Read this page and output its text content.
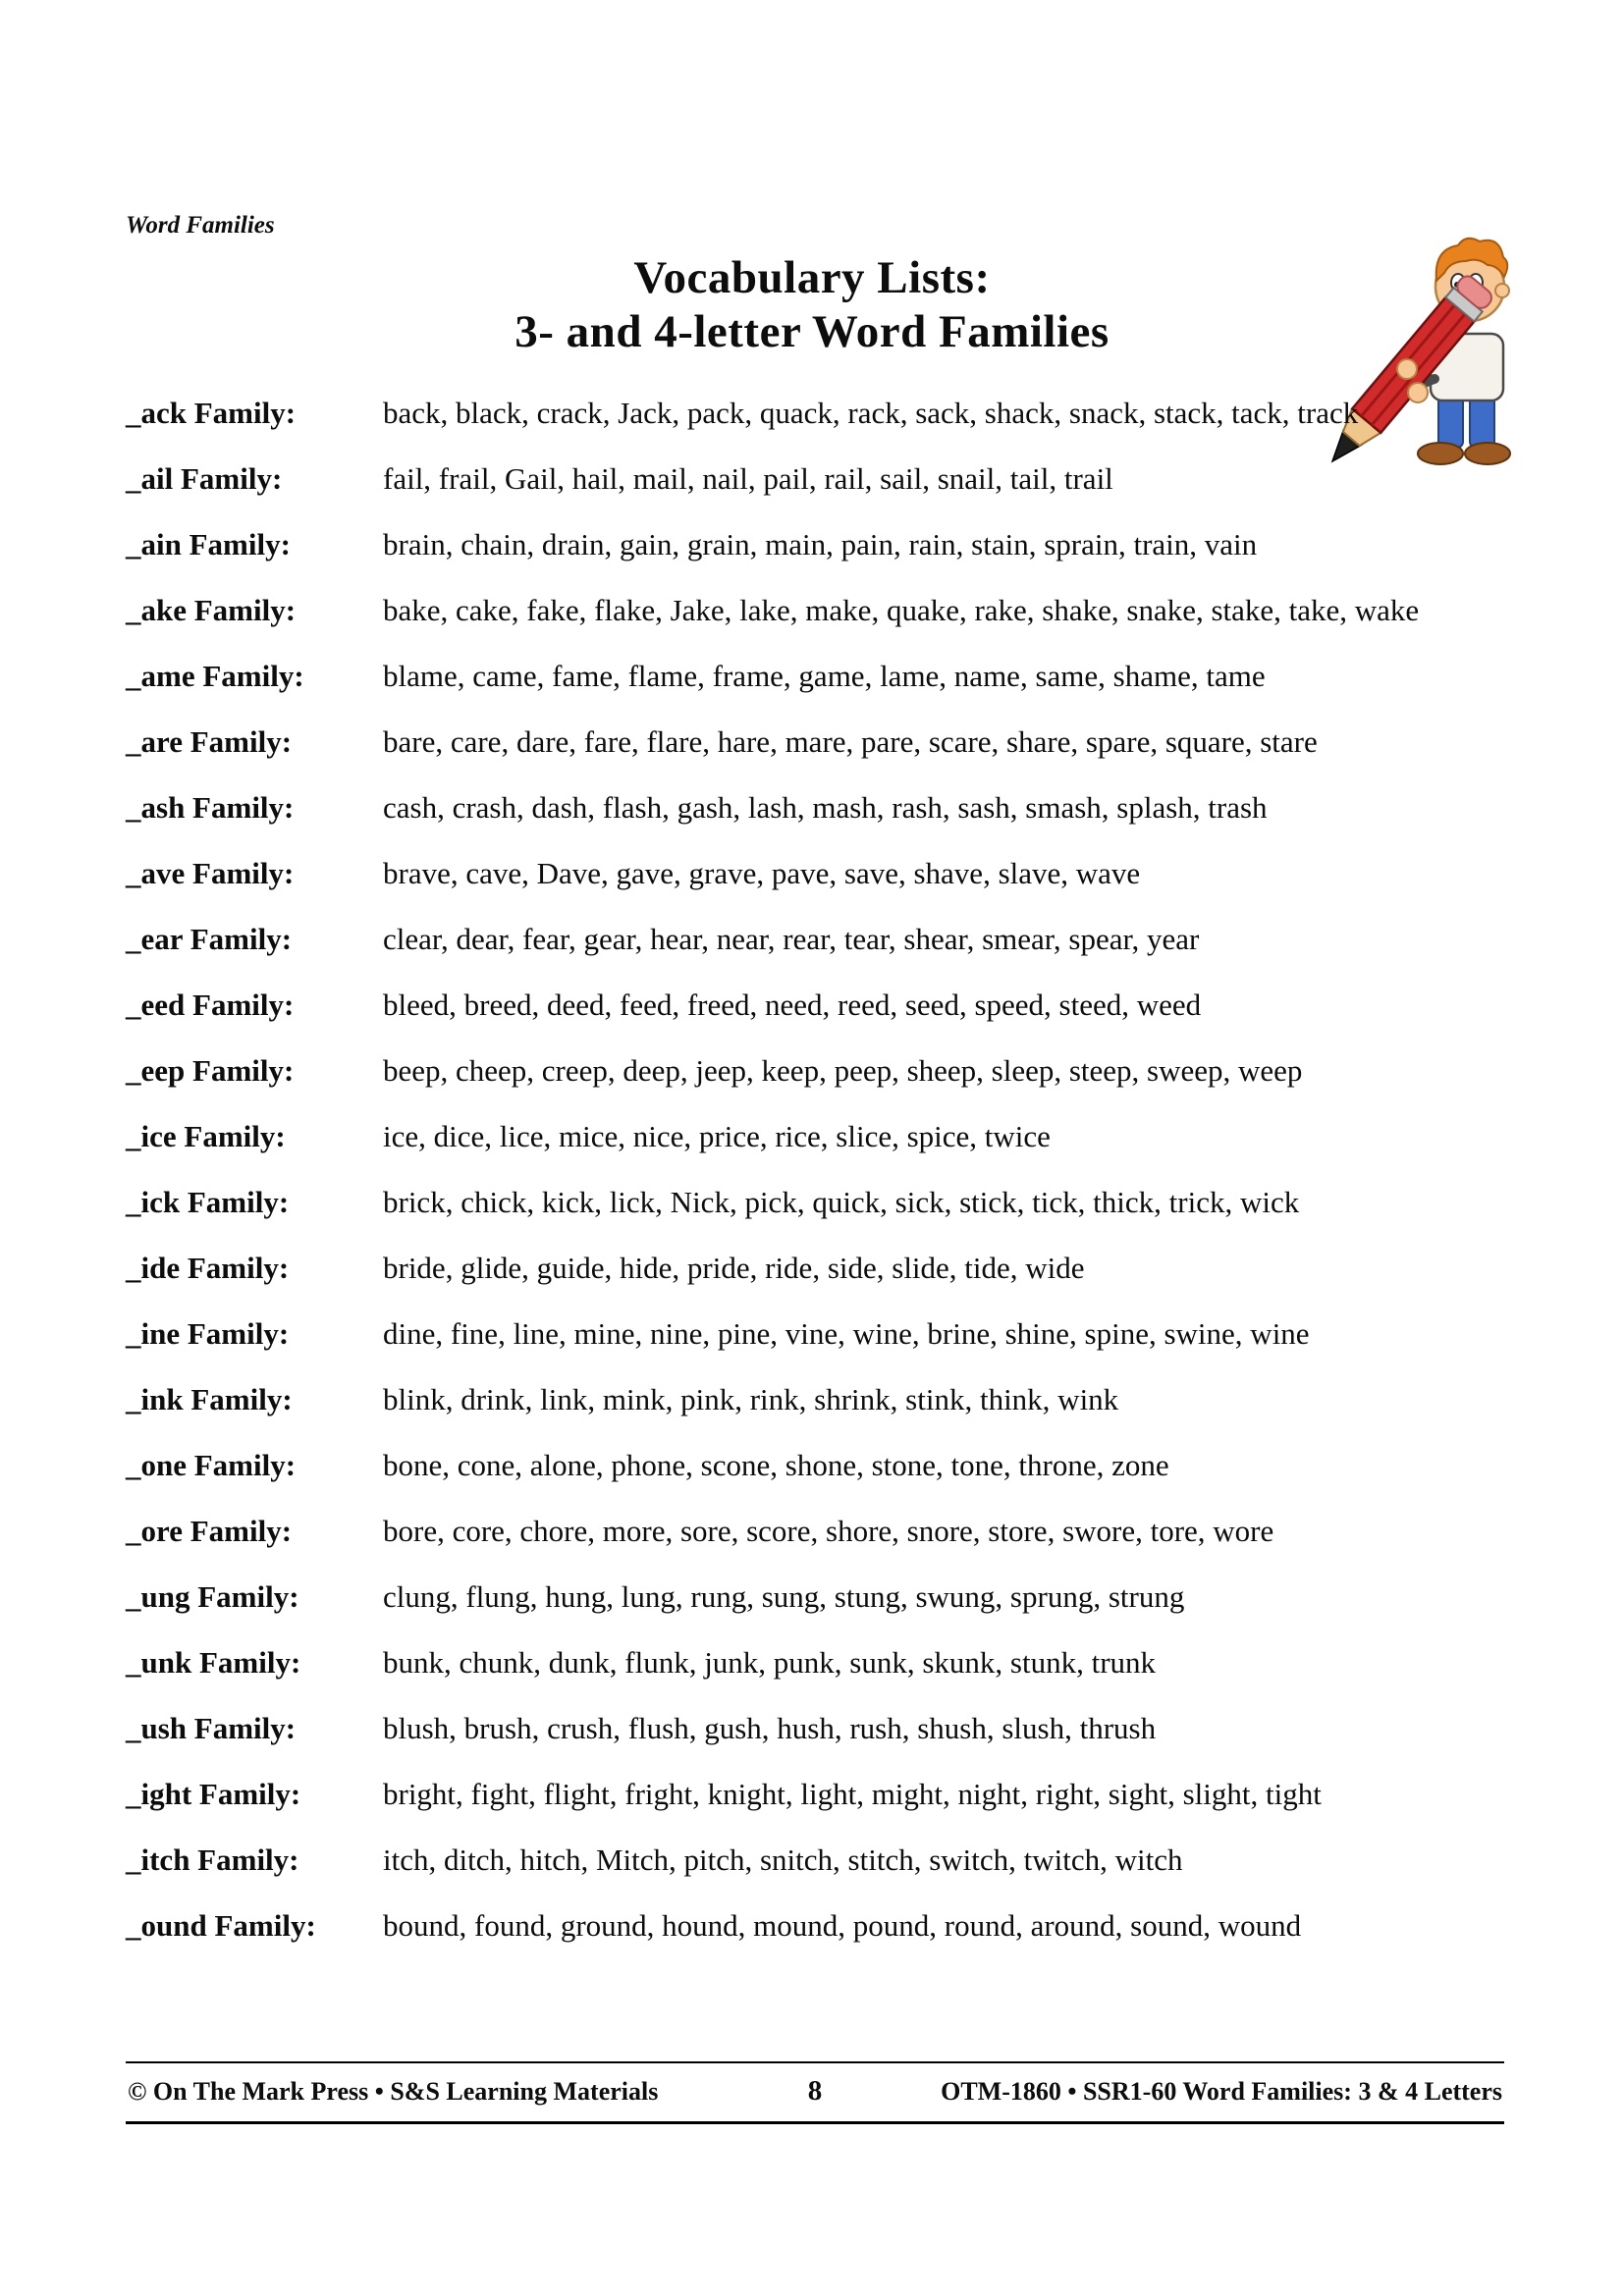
Word Families
Vocabulary Lists:
3- and 4-letter Word Families
_ack Family:	back, black, crack, Jack, pack, quack, rack, sack, shack, snack, stack, tack, track
_ail Family:	fail, frail, Gail, hail, mail, nail, pail, rail, sail, snail, tail, trail
_ain Family:	brain, chain, drain, gain, grain, main, pain, rain, stain, sprain, train, vain
_ake Family:	bake, cake, fake, flake, Jake, lake, make, quake, rake, shake, snake, stake, take, wake
_ame Family:	blame, came, fame, flame, frame, game, lame, name, same, shame, tame
_are Family:	bare, care, dare, fare, flare, hare, mare, pare, scare, share, spare, square, stare
_ash Family:	cash, crash, dash, flash, gash, lash, mash, rash, sash, smash, splash, trash
_ave Family:	brave, cave, Dave, gave, grave, pave, save, shave, slave, wave
_ear Family:	clear, dear, fear, gear, hear, near, rear, tear, shear, smear, spear, year
_eed Family:	bleed, breed, deed, feed, freed, need, reed, seed, speed, steed, weed
_eep Family:	beep, cheep, creep, deep, jeep, keep, peep, sheep, sleep, steep, sweep, weep
_ice Family:	ice, dice, lice, mice, nice, price, rice, slice, spice, twice
_ick Family:	brick, chick, kick, lick, Nick, pick, quick, sick, stick, tick, thick, trick, wick
_ide Family:	bride, glide, guide, hide, pride, ride, side, slide, tide, wide
_ine Family:	dine, fine, line, mine, nine, pine, vine, wine, brine, shine, spine, swine, wine
_ink Family:	blink, drink, link, mink, pink, rink, shrink, stink, think, wink
_one Family:	bone, cone, alone, phone, scone, shone, stone, tone, throne, zone
_ore Family:	bore, core, chore, more, sore, score, shore, snore, store, swore, tore, wore
_ung Family:	clung, flung, hung, lung, rung, sung, stung, swung, sprung, strung
_unk Family:	bunk, chunk, dunk, flunk, junk, punk, sunk, skunk, stunk, trunk
_ush Family:	blush, brush, crush, flush, gush, hush, rush, shush, slush, thrush
_ight Family:	bright, fight, flight, fright, knight, light, might, night, right, sight, slight, tight
_itch Family:	itch, ditch, hitch, Mitch, pitch, snitch, stitch, switch, twitch, witch
_ound Family:	bound, found, ground, hound, mound, pound, round, around, sound, wound
© On The Mark Press • S&S Learning Materials	8	OTM-1860 • SSR1-60 Word Families: 3 & 4 Letters
